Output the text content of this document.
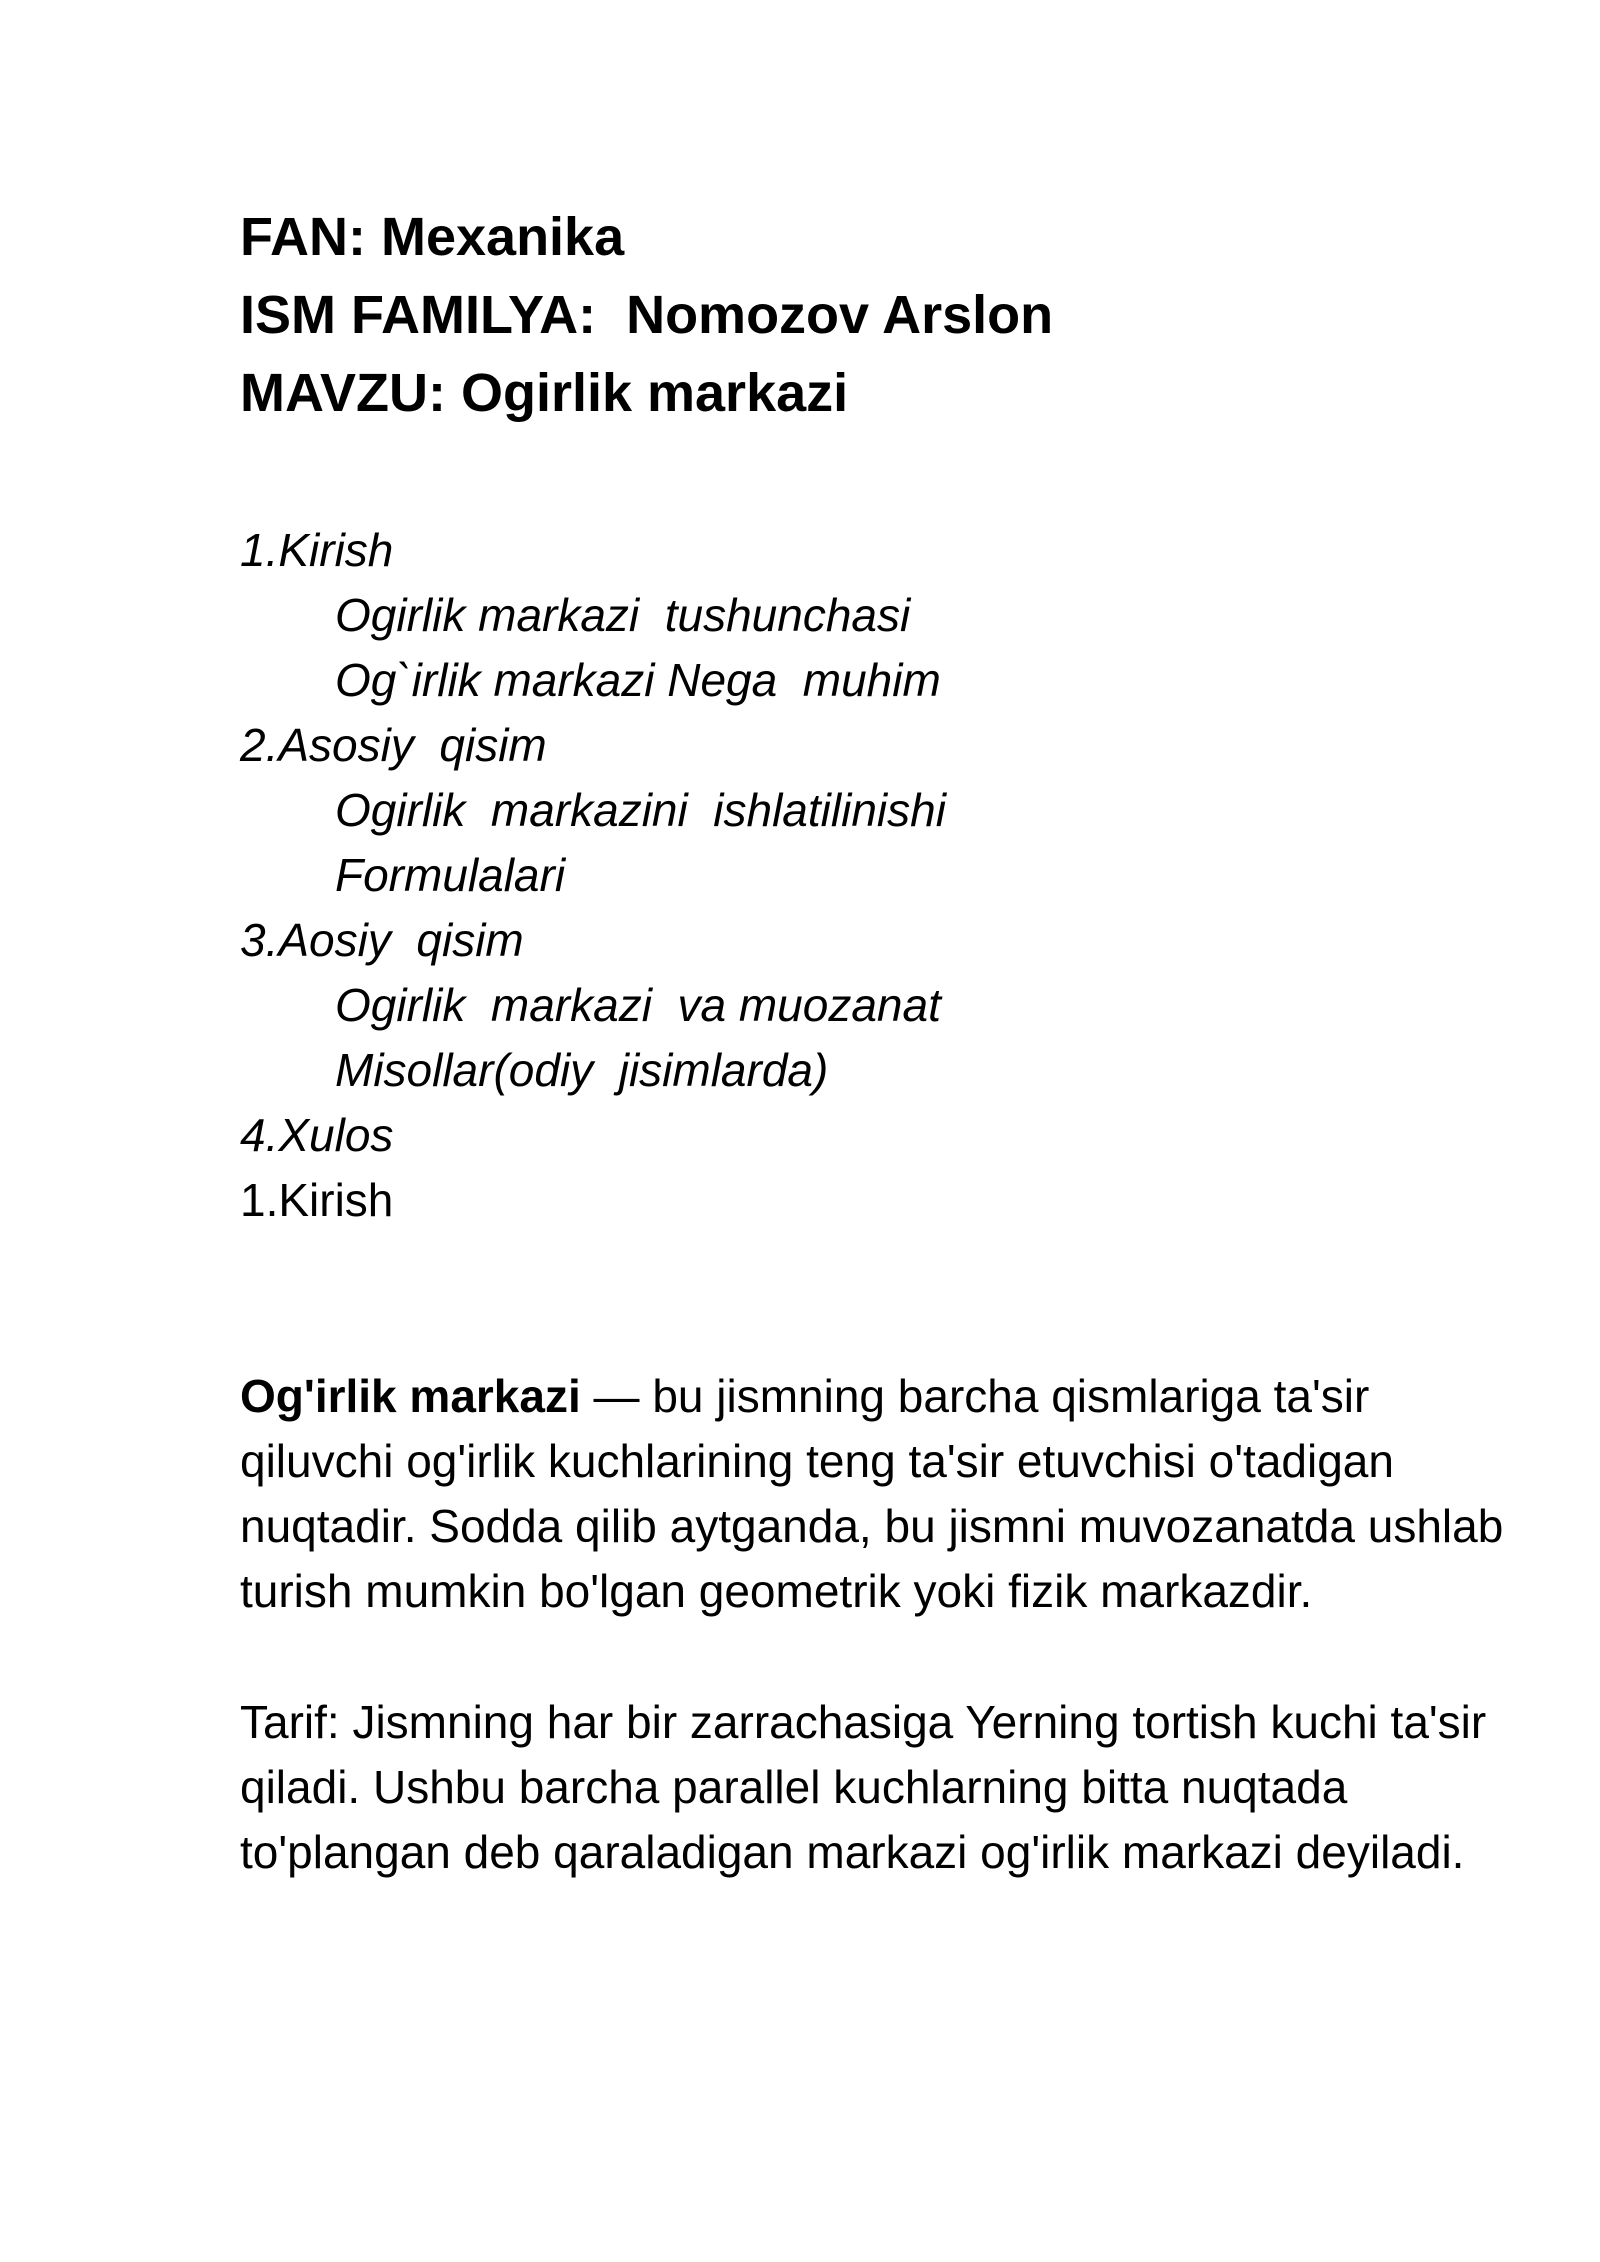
FAN: Mexanika
ISM FAMILYA:  Nomozov Arslon
MAVZU: Ogirlik markazi
1.Kirish
Ogirlik markazi  tushunchasi
Og`irlik markazi Nega  muhim
2.Asosiy  qisim
Ogirlik  markazini  ishlatilinishi
Formulalari
3.Aosiy  qisim
Ogirlik  markazi  va muozanat
Misollar(odiy  jisimlarda)
4.Xulos
1.Kirish
Og'irlik markazi — bu jismning barcha qismlariga ta'sir
qiluvchi og'irlik kuchlarining teng ta'sir etuvchisi o'tadigan
nuqtadir. Sodda qilib aytganda, bu jismni muvozanatda ushlab
turish mumkin bo'lgan geometrik yoki fizik markazdir.
Tarif: Jismning har bir zarrachasiga Yerning tortish kuchi ta'sir
qiladi. Ushbu barcha parallel kuchlarning bitta nuqtada
to'plangan deb qaraladigan markazi og'irlik markazi deyiladi.
